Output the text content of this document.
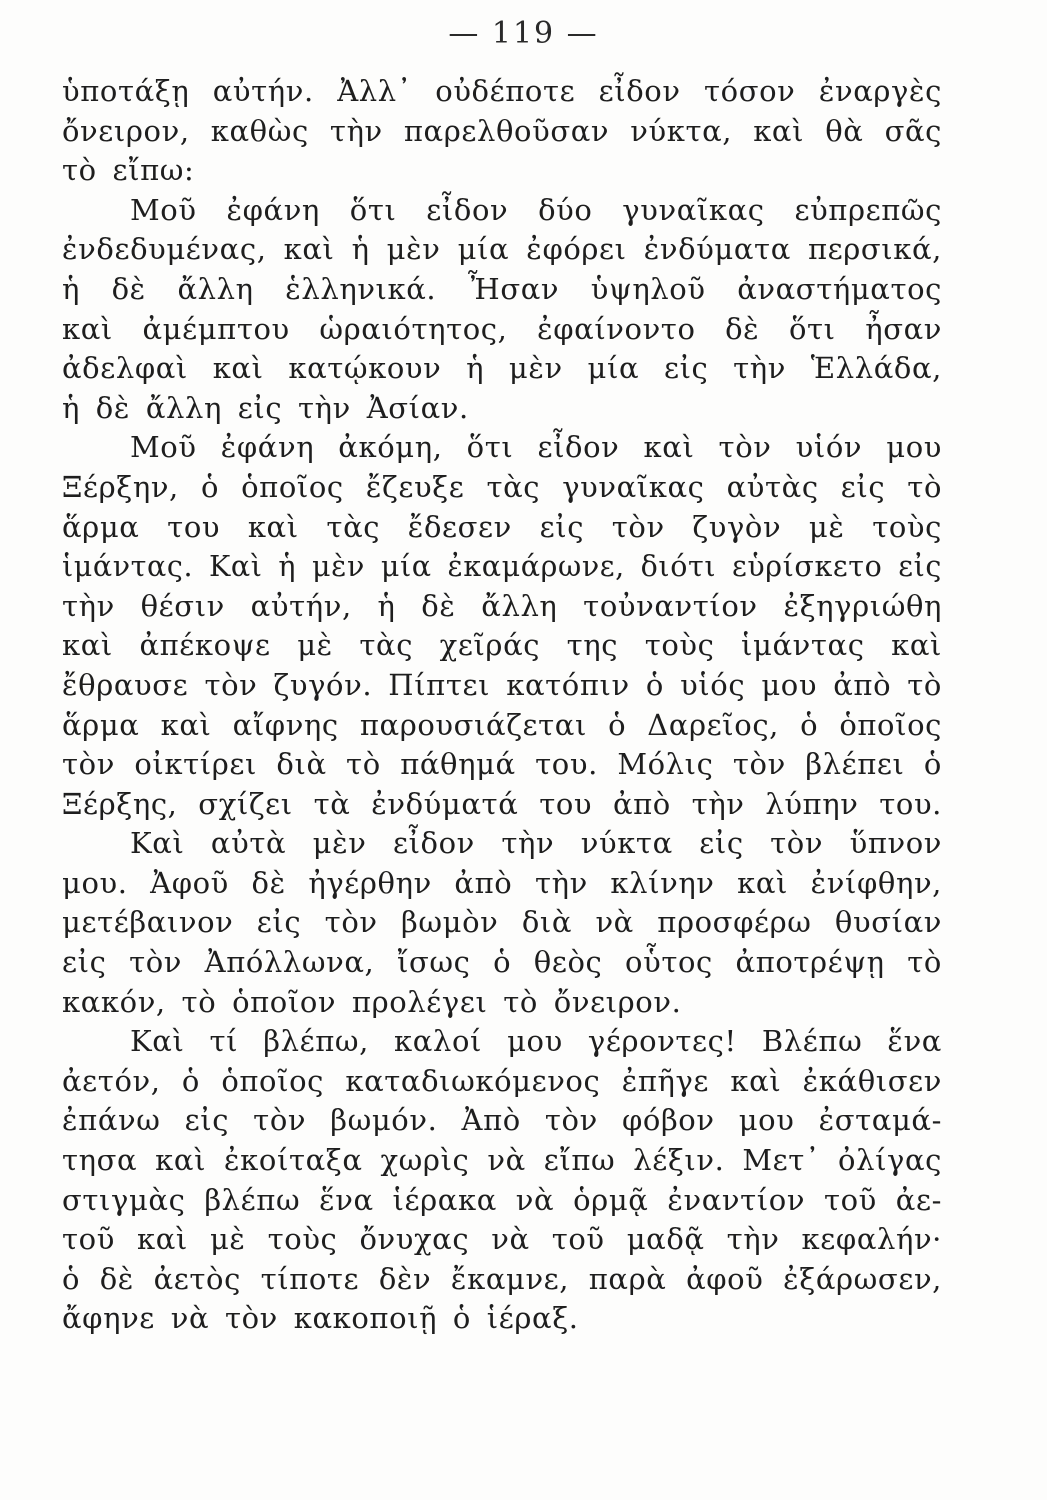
— 119 —
ὑποτάξῃ αὐτήν. Ἀλλ᾽ οὐδέποτε εἶδον τόσον ἐναργὲς
ὄνειρον, καθὼς τὴν παρελθοῦσαν νύκτα, καὶ θὰ σᾶς
τὸ εἴπω:
Μοῦ ἐφάνη ὅτι εἶδον δύο γυναῖκας εὐπρεπῶς
ἐνδεδυμένας, καὶ ἡ μὲν μία ἐφόρει ἐνδύματα περσικά,
ἡ δὲ ἄλλη ἑλληνικά. Ἦσαν ὑψηλοῦ ἀναστήματος
καὶ ἀμέμπτου ὡραιότητος, ἐφαίνοντο δὲ ὅτι ἦσαν
ἀδελφαὶ καὶ κατῴκουν ἡ μὲν μία εἰς τὴν Ἑλλάδα,
ἡ δὲ ἄλλη εἰς τὴν Ἀσίαν.
Μοῦ ἐφάνη ἀκόμη, ὅτι εἶδον καὶ τὸν υἱόν μου
Ξέρξην, ὁ ὁποῖος ἔζευξε τὰς γυναῖκας αὐτὰς εἰς τὸ
ἅρμα του καὶ τὰς ἔδεσεν εἰς τὸν ζυγὸν μὲ τοὺς
ἱμάντας. Καὶ ἡ μὲν μία ἐκαμάρωνε, διότι εὑρίσκετο εἰς
τὴν θέσιν αὐτήν, ἡ δὲ ἄλλη τοὐναντίον ἐξηγριώθη
καὶ ἀπέκοψε μὲ τὰς χεῖράς της τοὺς ἱμάντας καὶ
ἔθραυσε τὸν ζυγόν. Πίπτει κατόπιν ὁ υἱός μου ἀπὸ τὸ
ἅρμα καὶ αἴφνης παρουσιάζεται ὁ Δαρεῖος, ὁ ὁποῖος
τὸν οἰκτίρει διὰ τὸ πάθημά του. Μόλις τὸν βλέπει ὁ
Ξέρξης, σχίζει τὰ ἐνδύματά του ἀπὸ τὴν λύπην του.
Καὶ αὐτὰ μὲν εἶδον τὴν νύκτα εἰς τὸν ὕπνον
μου. Ἀφοῦ δὲ ἠγέρθην ἀπὸ τὴν κλίνην καὶ ἐνίφθην,
μετέβαινον εἰς τὸν βωμὸν διὰ νὰ προσφέρω θυσίαν
εἰς τὸν Ἀπόλλωνα, ἴσως ὁ θεὸς οὗτος ἀποτρέψῃ τὸ
κακόν, τὸ ὁποῖον προλέγει τὸ ὄνειρον.
Καὶ τί βλέπω, καλοί μου γέροντες! Βλέπω ἕνα
ἀετόν, ὁ ὁποῖος καταδιωκόμενος ἐπῆγε καὶ ἐκάθισεν
ἐπάνω εἰς τὸν βωμόν. Ἀπὸ τὸν φόβον μου ἐσταμά-
τησα καὶ ἐκοίταξα χωρὶς νὰ εἴπω λέξιν. Μετ᾽ ὀλίγας
στιγμὰς βλέπω ἕνα ἱέρακα νὰ ὁρμᾷ ἐναντίον τοῦ ἀε-
τοῦ καὶ μὲ τοὺς ὄνυχας νὰ τοῦ μαδᾷ τὴν κεφαλήν·
ὁ δὲ ἀετὸς τίποτε δὲν ἔκαμνε, παρὰ ἀφοῦ ἐξάρωσεν,
ἄφηνε νὰ τὸν κακοποιῇ ὁ ἱέραξ.
